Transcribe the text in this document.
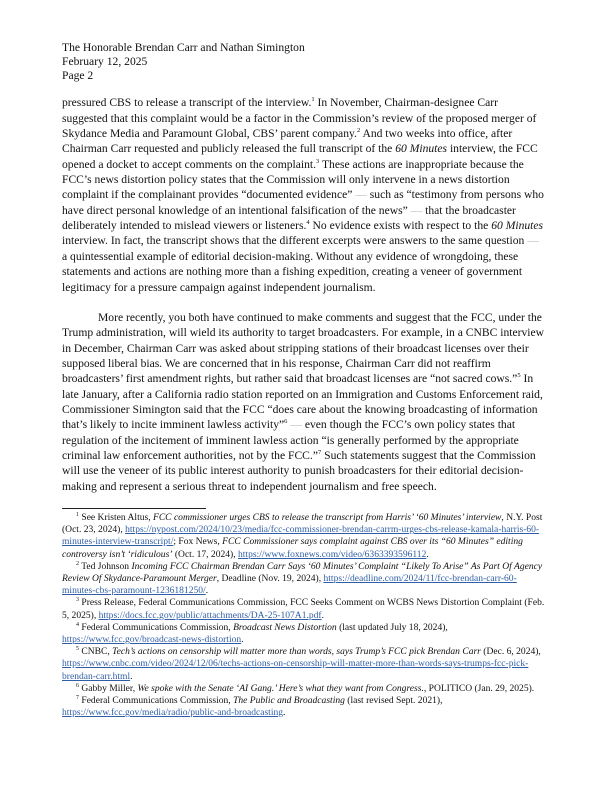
The Honorable Brendan Carr and Nathan Simington
February 12, 2025
Page 2

pressured CBS to release a transcript of the interview.$^1$ In November, Chairman-designee Carr suggested that this complaint would be a factor in the Commission’s review of the proposed merger of Skydance Media and Paramount Global, CBS’ parent company.$^2$ And two weeks into office, after Chairman Carr requested and publicly released the full transcript of the 60 Minutes interview, the FCC opened a docket to accept comments on the complaint.$^3$ These actions are inappropriate because the FCC’s news distortion policy states that the Commission will only intervene in a news distortion complaint if the complainant provides “documented evidence” — such as “testimony from persons who have direct personal knowledge of an intentional falsification of the news” — that the broadcaster deliberately intended to mislead viewers or listeners.$^4$ No evidence exists with respect to the 60 Minutes interview. In fact, the transcript shows that the different excerpts were answers to the same question — a quintessential example of editorial decision-making. Without any evidence of wrongdoing, these statements and actions are nothing more than a fishing expedition, creating a veneer of government legitimacy for a pressure campaign against independent journalism.

More recently, you both have continued to make comments and suggest that the FCC, under the Trump administration, will wield its authority to target broadcasters. For example, in a CNBC interview in December, Chairman Carr was asked about stripping stations of their broadcast licenses over their supposed liberal bias. We are concerned that in his response, Chairman Carr did not reaffirm broadcasters’ first amendment rights, but rather said that broadcast licenses are “not sacred cows.”$^5$ In late January, after a California radio station reported on an Immigration and Customs Enforcement raid, Commissioner Simington said that the FCC “does care about the knowing broadcasting of information that’s likely to incite imminent lawless activity”$^6$ — even though the FCC’s own policy states that regulation of the incitement of imminent lawless action “is generally performed by the appropriate criminal law enforcement authorities, not by the FCC.”$^7$ Such statements suggest that the Commission will use the veneer of its public interest authority to punish broadcasters for their editorial decision-making and represent a serious threat to independent journalism and free speech.

$^1$ See Kristen Altus, FCC commissioner urges CBS to release the transcript from Harris’ ‘60 Minutes’ interview, N.Y. Post (Oct. 23, 2024), https://nypost.com/2024/10/23/media/fcc-commissioner-brendan-carrm-urges-cbs-release-kamala-harris-60-minutes-interview-transcript/; Fox News, FCC Commissioner says complaint against CBS over its “60 Minutes” editing controversy isn’t ‘ridiculous’ (Oct. 17, 2024), https://www.foxnews.com/video/6363393596112.

$^2$ Ted Johnson Incoming FCC Chairman Brendan Carr Says ‘60 Minutes’ Complaint “Likely To Arise” As Part Of Agency Review Of Skydance-Paramount Merger, Deadline (Nov. 19, 2024), https://deadline.com/2024/11/fcc-brendan-carr-60-minutes-cbs-paramount-1236181250/.

$^3$ Press Release, Federal Communications Commission, FCC Seeks Comment on WCBS News Distortion Complaint (Feb. 5, 2025), https://docs.fcc.gov/public/attachments/DA-25-107A1.pdf.

$^4$ Federal Communications Commission, Broadcast News Distortion (last updated July 18, 2024), https://www.fcc.gov/broadcast-news-distortion.

$^5$ CNBC, Tech’s actions on censorship will matter more than words, says Trump’s FCC pick Brendan Carr (Dec. 6, 2024), https://www.cnbc.com/video/2024/12/06/techs-actions-on-censorship-will-matter-more-than-words-says-trumps-fcc-pick-brendan-carr.html.

$^6$ Gabby Miller, We spoke with the Senate ‘AI Gang.’ Here’s what they want from Congress., POLITICO (Jan. 29, 2025).

$^7$ Federal Communications Commission, The Public and Broadcasting (last revised Sept. 2021), https://www.fcc.gov/media/radio/public-and-broadcasting.
